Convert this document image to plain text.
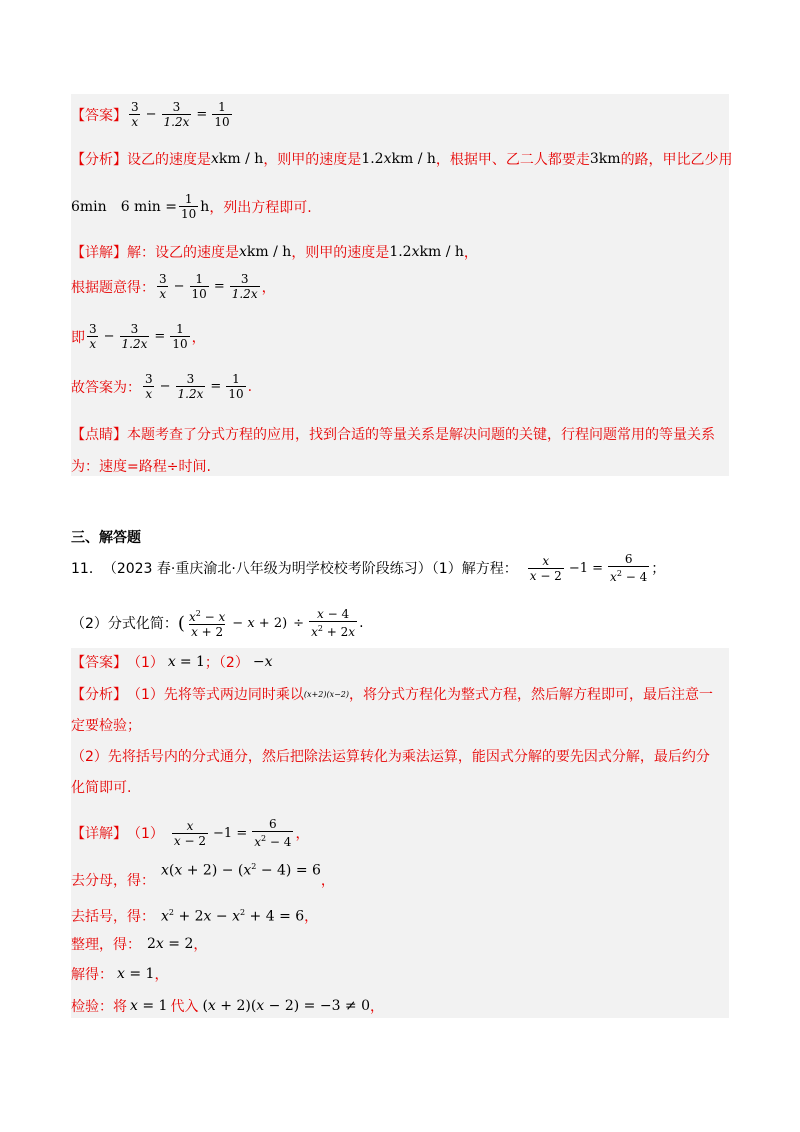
【答案】 $\frac{3}{x} - \frac{3}{1.2x} = \frac{1}{10}$
【分析】 设乙的速度是 xkm / h ，则甲的速度是 1.2xkm / h ，根据甲、乙二人都要走 3km 的路，甲比乙少用
6min 6 $\min = \frac{1}{10}$ h ，列出方程即可.
【详解】 解：设乙的速度是 xkm / h ，则甲的速度是 1.2xkm / h ，
根据题意得： $\frac{3}{x} - \frac{1}{10} = \frac{3}{1.2x}$ ，
即 $\frac{3}{x} - \frac{3}{1.2x} = \frac{1}{10}$ ，
故答案为： $\frac{3}{x} - \frac{3}{1.2x} = \frac{1}{10}$ .
【点睛】 本题考查了分式方程的应用，找到合适的等量关系是解决问题的关键，行程问题常用的等量关系
为：速度=路程÷时间.
三、解答题
11． （2023 春·重庆渝北·八年级为明学校校考阶段练习）（1）解方程： $\frac{x}{x - 2} -1 = \frac{6}{x^2 - 4}$ ；
（2）分式化简： ( $\frac{x^2 - x}{x + 2} - x + 2) \div \frac{x - 4}{x^2 + 2x}$ .
【答案】 （1） x = 1 ；（2） −x
【分析】 （1）先将等式两边同时乘以 (x+2)(x−2) ，将分式方程化为整式方程，然后解方程即可，最后注意一
定要检验；
（2）先将括号内的分式通分，然后把除法运算转化为乘法运算，能因式分解的要先因式分解，最后约分
化简即可.
【详解】 $(1) \frac{x}{x - 2} -1 = \frac{6}{x^2 - 4}$ ，
去分母，得：
$x(x + 2) - (x^2 - 4) = 6$
，
去括号，得： $x^2 + 2x - x^2 + 4 = 6$ ，
整理，得： 2x = 2 ，
解得： x = 1 ，
检验：将 x = 1 代入 (x + 2)(x − 2) = −3 ≠ 0 ，
